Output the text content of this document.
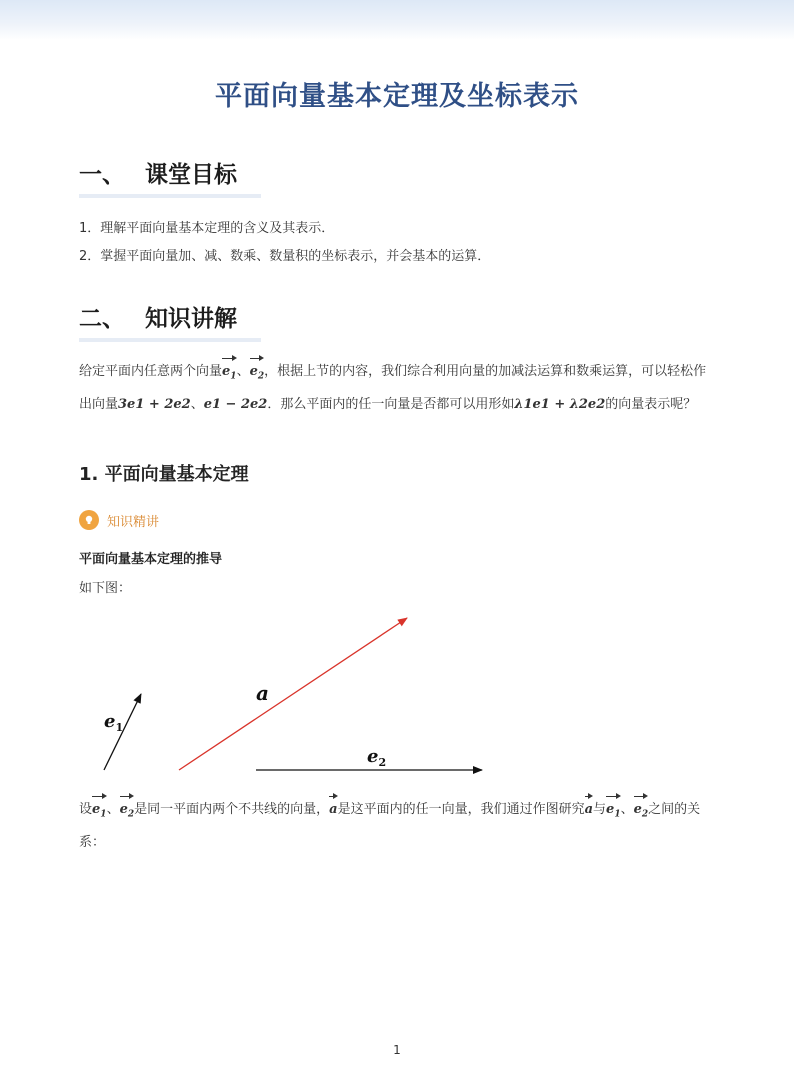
平面向量基本定理及坐标表示
一、 课堂目标
1．理解平面向量基本定理的含义及其表示．
2．掌握平面向量加、减、数乘、数量积的坐标表示，并会基本的运算．
二、 知识讲解
给定平面内任意两个向量$e_1$、$e_2$，根据上节的内容，我们综合利用向量的加减法运算和数乘运算，可以轻松作出向量3e1 + 2e2、e1 − 2e2．那么平面内的任一向量是否都可以用形如λ1e1 + λ2e2的向量表示呢？
1. 平面向量基本定理
知识精讲
平面向量基本定理的推导
如下图：
$e_1$
a
$e_2$
设$e_1$、$e_2$是同一平面内两个不共线的向量，a是这平面内的任一向量，我们通过作图研究a与$e_1$、$e_2$之间的关系：
1
